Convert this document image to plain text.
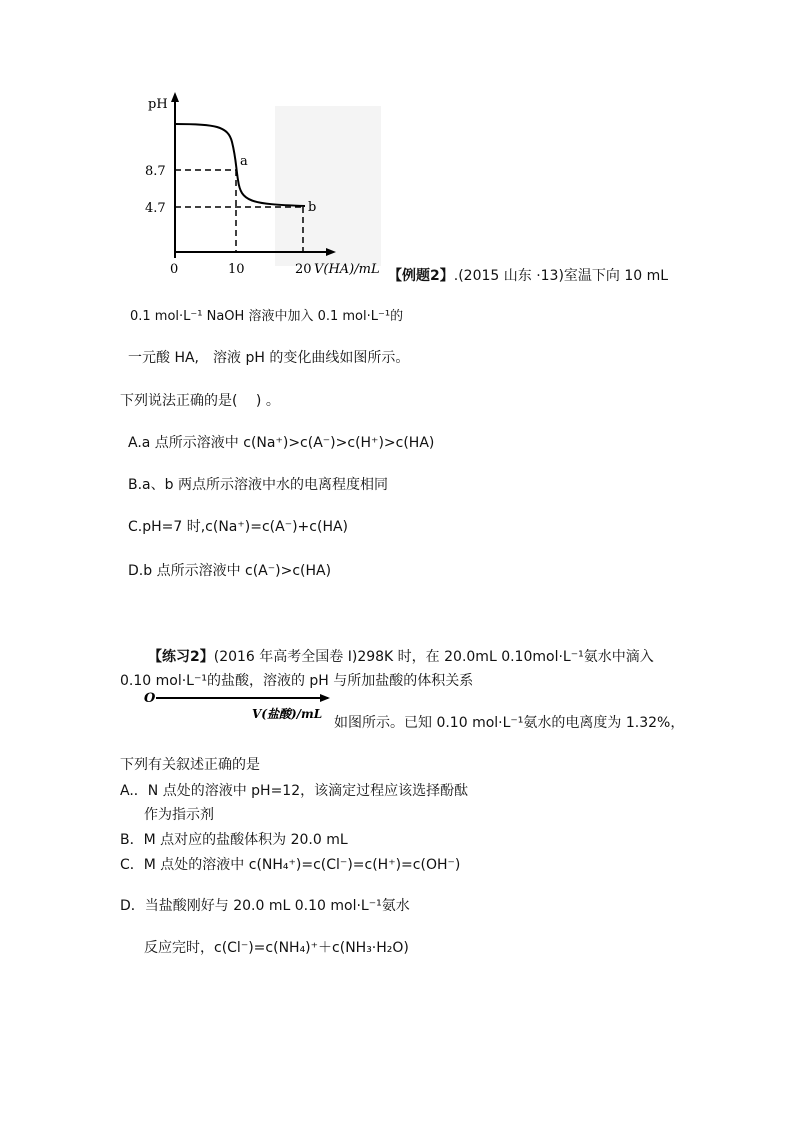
pH
8.7
4.7
0	10	20 V(HA)/mL
a
b
【例题2】.(2015 山东 ·13)室温下向 10 mL
0.1 mol·L⁻¹ NaOH 溶液中加入 0.1 mol·L⁻¹的
一元酸 HA,　溶液 pH 的变化曲线如图所示。
下列说法正确的是(　 ) 。
A.a 点所示溶液中 c(Na⁺)>c(A⁻)>c(H⁺)>c(HA)
B.a、b 两点所示溶液中水的电离程度相同
C.pH=7 时,c(Na⁺)=c(A⁻)+c(HA)
D.b 点所示溶液中 c(A⁻)>c(HA)
【练习2】(2016 年高考全国卷 Ⅰ)298K 时，在 20.0mL 0.10mol·L⁻¹氨水中滴入
0.10 mol·L⁻¹的盐酸，溶液的 pH 与所加盐酸的体积关系
O
V(盐酸)/mL
如图所示。已知 0.10 mol·L⁻¹氨水的电离度为 1.32%，
下列有关叙述正确的是
A.．N 点处的溶液中 pH=12，该滴定过程应该选择酚酞
作为指示剂
B．M 点对应的盐酸体积为 20.0 mL
C．M 点处的溶液中 c(NH₄⁺)=c(Cl⁻)=c(H⁺)=c(OH⁻)
D．当盐酸刚好与 20.0 mL 0.10 mol·L⁻¹氨水
反应完时，c(Cl⁻)=c(NH₄)⁺＋c(NH₃·H₂O)
